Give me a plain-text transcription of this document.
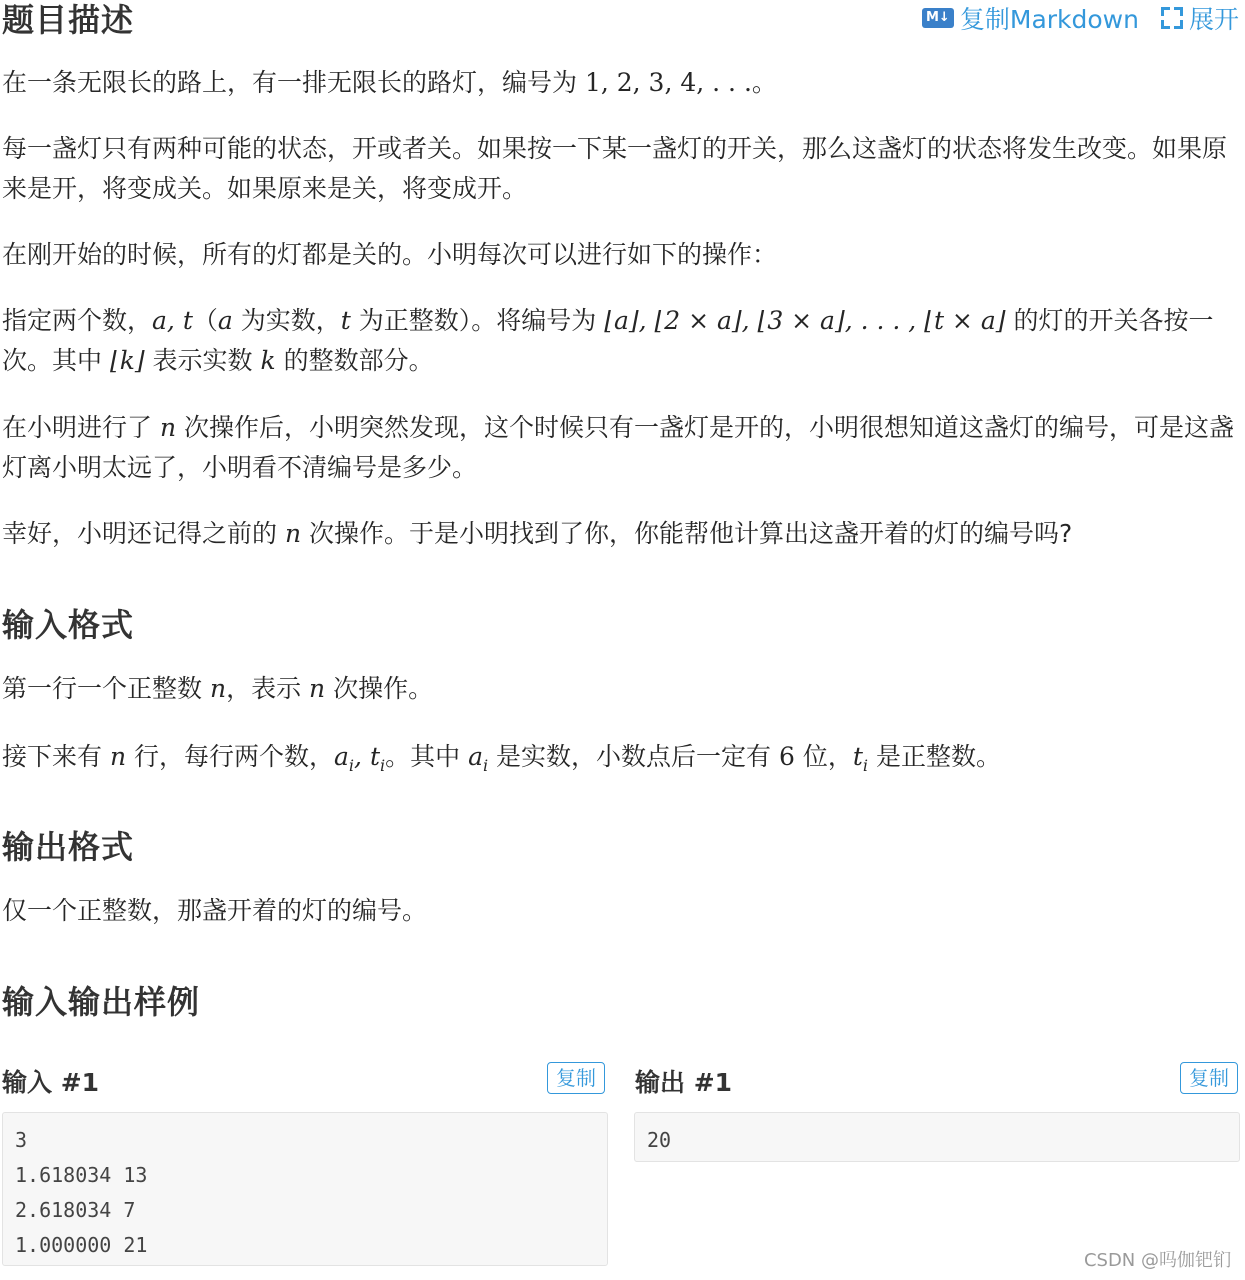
题目描述	M↓ 复制Markdown 展开

在一条无限长的路上，有一排无限长的路灯，编号为 1, 2, 3, 4, . . .。

每一盏灯只有两种可能的状态，开或者关。如果按一下某一盏灯的开关，那么这盏灯的状态将发生改变。如果原来是开，将变成关。如果原来是关，将变成开。

在刚开始的时候，所有的灯都是关的。小明每次可以进行如下的操作：

指定两个数，a, t（a 为实数，t 为正整数）。将编号为 ⌊a⌋, ⌊2 × a⌋, ⌊3 × a⌋, . . . , ⌊t × a⌋ 的灯的开关各按一次。其中 ⌊k⌋ 表示实数 k 的整数部分。

在小明进行了 n 次操作后，小明突然发现，这个时候只有一盏灯是开的，小明很想知道这盏灯的编号，可是这盏灯离小明太远了，小明看不清编号是多少。

幸好，小明还记得之前的 n 次操作。于是小明找到了你，你能帮他计算出这盏开着的灯的编号吗?

输入格式

第一行一个正整数 n，表示 n 次操作。

接下来有 n 行，每行两个数，$a_i$, $t_i$。其中 $a_i$ 是实数，小数点后一定有 6 位，$t_i$ 是正整数。

输出格式

仅一个正整数，那盏开着的灯的编号。

输入输出样例
输入 #1	复制
3
1.618034 13
2.618034 7
1.000000 21
输出 #1	复制
20
CSDN @吗伽钯钔
